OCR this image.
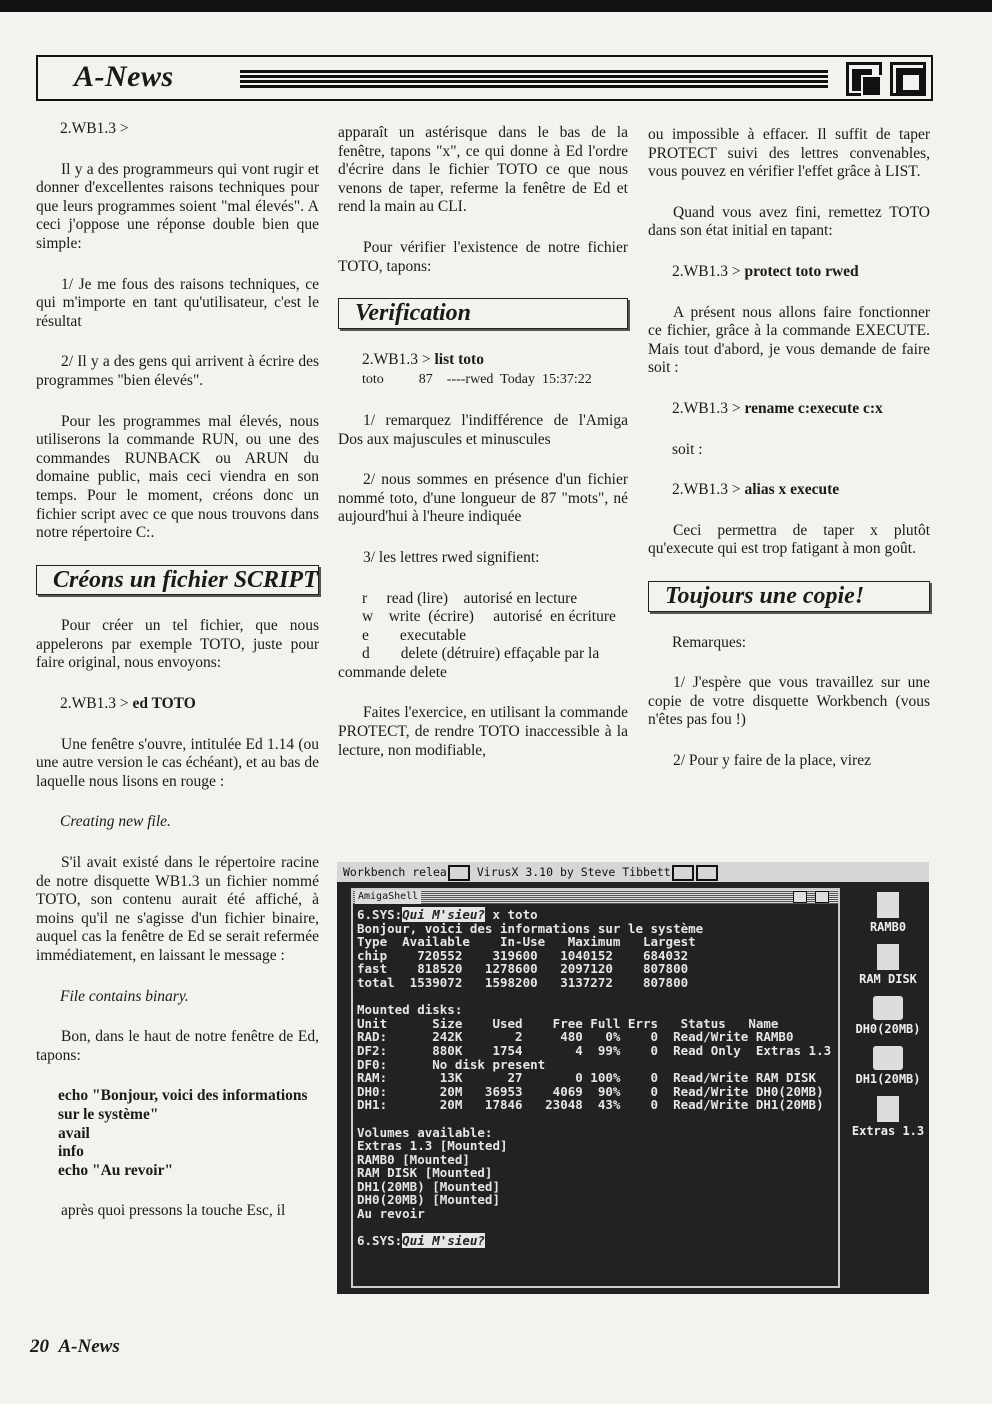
A-News

2.WB1.3 >

Il y a des programmeurs qui vont rugir et donner d'excellentes raisons techniques pour que leurs programmes soient "mal élevés". A ceci j'oppose une réponse double bien que simple:

1/ Je me fous des raisons techniques, ce qui m'importe en tant qu'utilisateur, c'est le résultat

2/ Il y a des gens qui arrivent à écrire des programmes "bien élevés".

Pour les programmes mal élevés, nous utiliserons la commande RUN, ou une des commandes RUNBACK ou ARUN du domaine public, mais ceci viendra en son temps. Pour le moment, créons donc un fichier script avec ce que nous trouvons dans notre répertoire C:.

Créons un fichier SCRIPT

Pour créer un tel fichier, que nous appelerons par exemple TOTO, juste pour faire original, nous envoyons:

2.WB1.3 > ed TOTO

Une fenêtre s'ouvre, intitulée Ed 1.14 (ou une autre version le cas échéant), et au bas de laquelle nous lisons en rouge :

Creating new file.

S'il avait existé dans le répertoire racine de notre disquette WB1.3 un fichier nommé TOTO, son contenu aurait été affiché, à moins qu'il ne s'agisse d'un fichier binaire, auquel cas la fenêtre de Ed se serait refermée immédiatement, en laissant le message :

File contains binary.

Bon, dans le haut de notre fenêtre de Ed, tapons:

echo "Bonjour, voici des informations sur le système"
avail
info
echo "Au revoir"

après quoi pressons la touche Esc, il

apparaît un astérisque dans le bas de la fenêtre, tapons "x", ce qui donne à Ed l'ordre d'écrire dans le fichier TOTO ce que nous venons de taper, referme la fenêtre de Ed et rend la main au CLI.

Pour vérifier l'existence de notre fichier TOTO, tapons:

Verification

2.WB1.3 > list toto

toto          87    ----rwed  Today  15:37:22

1/ remarquez l'indifférence de l'Amiga Dos aux majuscules et minuscules

2/ nous sommes en présence d'un fichier nommé toto, d'une longueur de 87 "mots", né aujourd'hui à l'heure indiquée

3/ les lettres rwed signifient:

r     read (lire)    autorisé en lecture
w    write  (écrire)     autorisé  en écriture
e        executable
d        delete (détruire) effaçable par la commande delete

Faites l'exercice, en utilisant la commande PROTECT, de rendre TOTO inaccessible à la lecture, non modifiable,

ou impossible à effacer. Il suffit de taper PROTECT suivi des lettres convenables, vous pouvez en vérifier l'effet grâce à LIST.

Quand vous avez fini, remettez TOTO dans son état initial en tapant:

2.WB1.3 > protect toto rwed

A présent nous allons faire fonctionner ce fichier, grâce à la commande EXECUTE. Mais tout d'abord, je vous demande de faire soit :

2.WB1.3 > rename c:execute c:x

soit :

2.WB1.3 > alias x execute

Ceci permettra de taper x plutôt qu'execute qui est trop fatigant à mon goût.

Toujours une copie!

Remarques:

1/ J'espère que vous travaillez sur une copie de votre disquette Workbench (vous n'êtes pas fou !)

2/ Pour y faire de la place, virez

Workbench relea	VirusX 3.10 by Steve Tibbett
AmigaShell
6.SYS:Qui M'sieu? x toto
Bonjour, voici des informations sur le système
Type  Available    In-Use   Maximum   Largest
chip    720552    319600   1040152    684032
fast    818520   1278600   2097120    807800
total  1539072   1598200   3137272    807800

Mounted disks:
Unit      Size    Used    Free Full Errs   Status   Name
RAD:      242K       2     480   0%    0  Read/Write RAMB0
DF2:      880K    1754       4  99%    0  Read Only  Extras 1.3
DF0:      No disk present
RAM:       13K      27       0 100%    0  Read/Write RAM DISK
DH0:       20M   36953    4069  90%    0  Read/Write DH0(20MB)
DH1:       20M   17846   23048  43%    0  Read/Write DH1(20MB)

Volumes available:
Extras 1.3 [Mounted]
RAMB0 [Mounted]
RAM DISK [Mounted]
DH1(20MB) [Mounted]
DH0(20MB) [Mounted]
Au revoir

6.SYS:Qui M'sieu?
RAMB0
RAM DISK
DH0(20MB)
DH1(20MB)
Extras 1.3
20 A-News
